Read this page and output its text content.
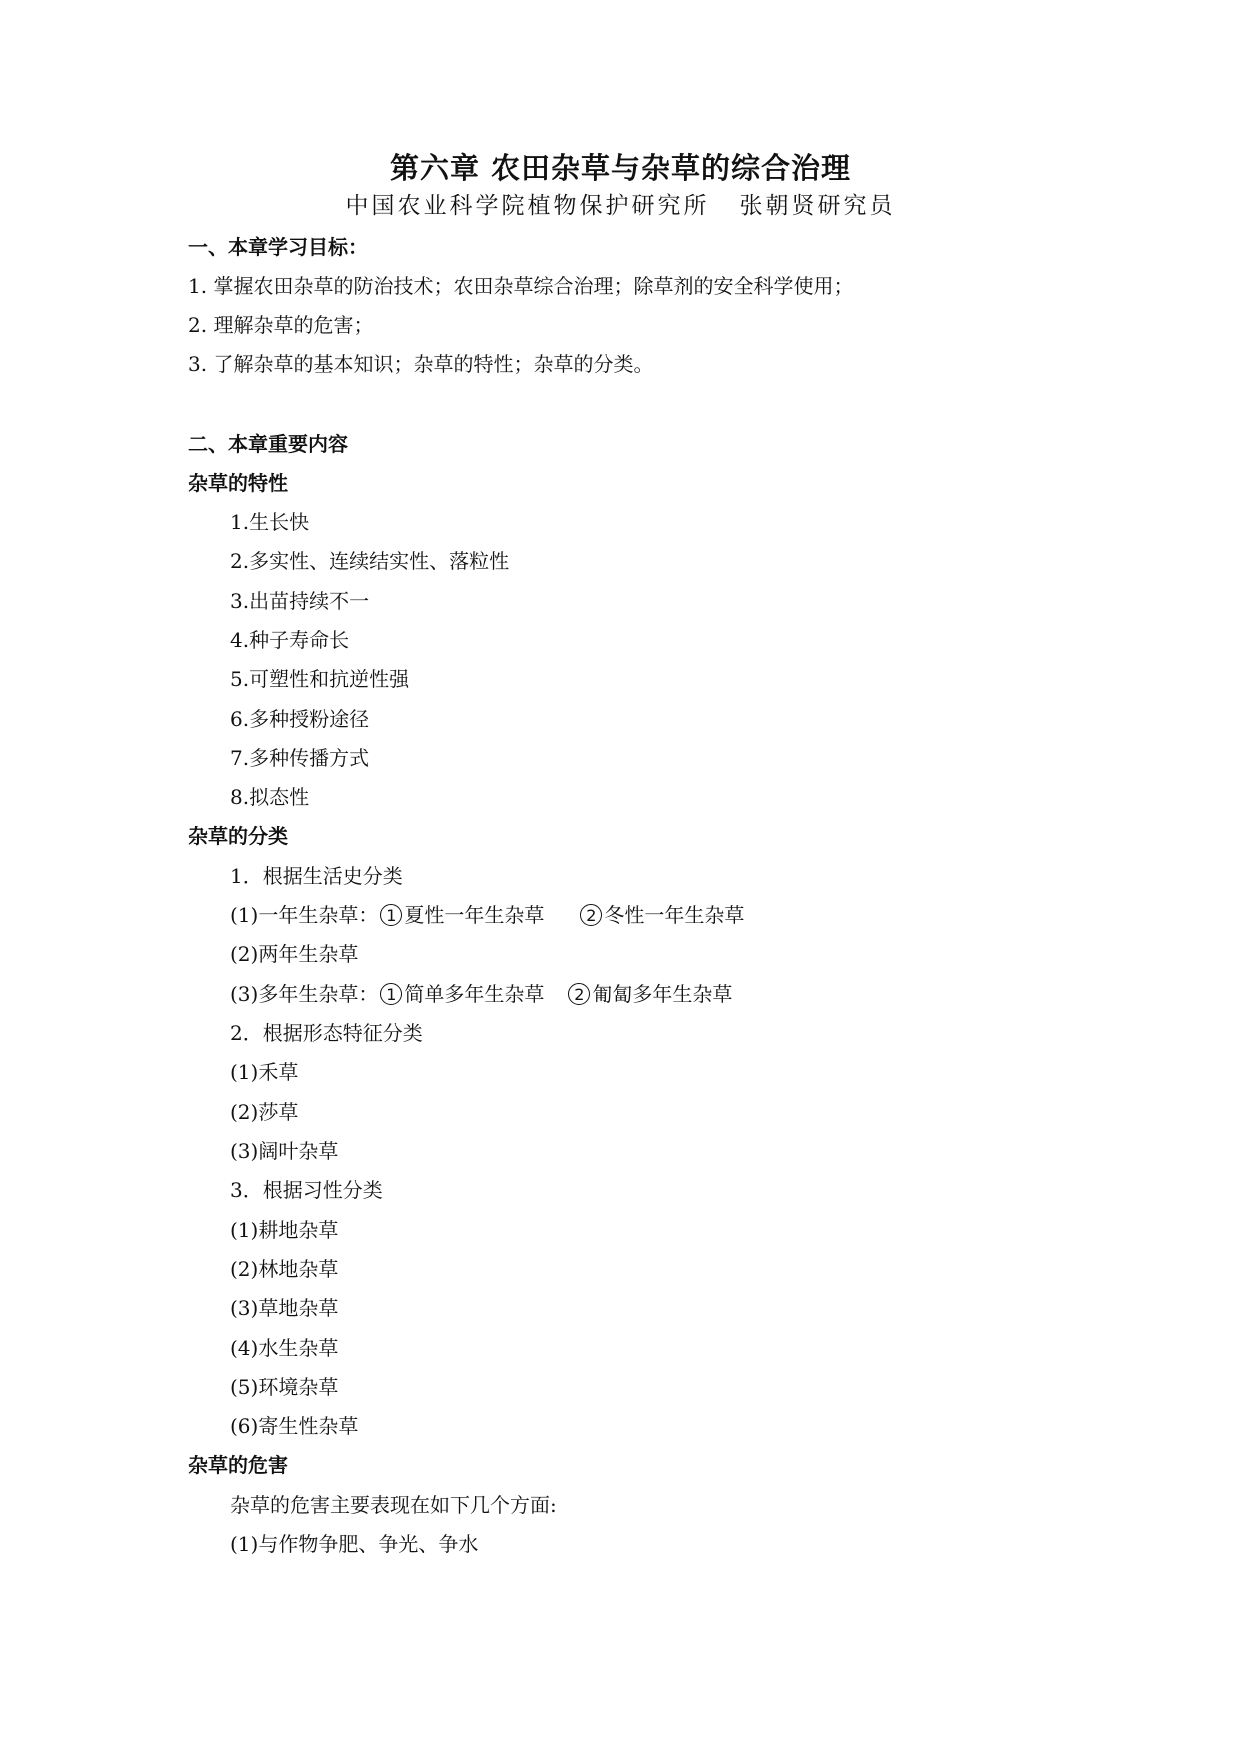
第六章 农田杂草与杂草的综合治理
中国农业科学院植物保护研究所 张朝贤研究员
一、本章学习目标：
1. 掌握农田杂草的防治技术；农田杂草综合治理；除草剂的安全科学使用；
2. 理解杂草的危害；
3. 了解杂草的基本知识；杂草的特性；杂草的分类。
二、本章重要内容
杂草的特性
1.生长快
2.多实性、连续结实性、落粒性
3.出苗持续不一
4.种子寿命长
5.可塑性和抗逆性强
6.多种授粉途径
7.多种传播方式
8.拟态性
杂草的分类
1．根据生活史分类
(1)一年生杂草： 1 夏性一年生杂草	2 冬性一年生杂草
(2)两年生杂草
(3)多年生杂草： 1 简单多年生杂草 2 匍匐多年生杂草
2．根据形态特征分类
(1)禾草
(2)莎草
(3)阔叶杂草
3．根据习性分类
(1)耕地杂草
(2)林地杂草
(3)草地杂草
(4)水生杂草
(5)环境杂草
(6)寄生性杂草
杂草的危害
杂草的危害主要表现在如下几个方面:
(1)与作物争肥、争光、争水
